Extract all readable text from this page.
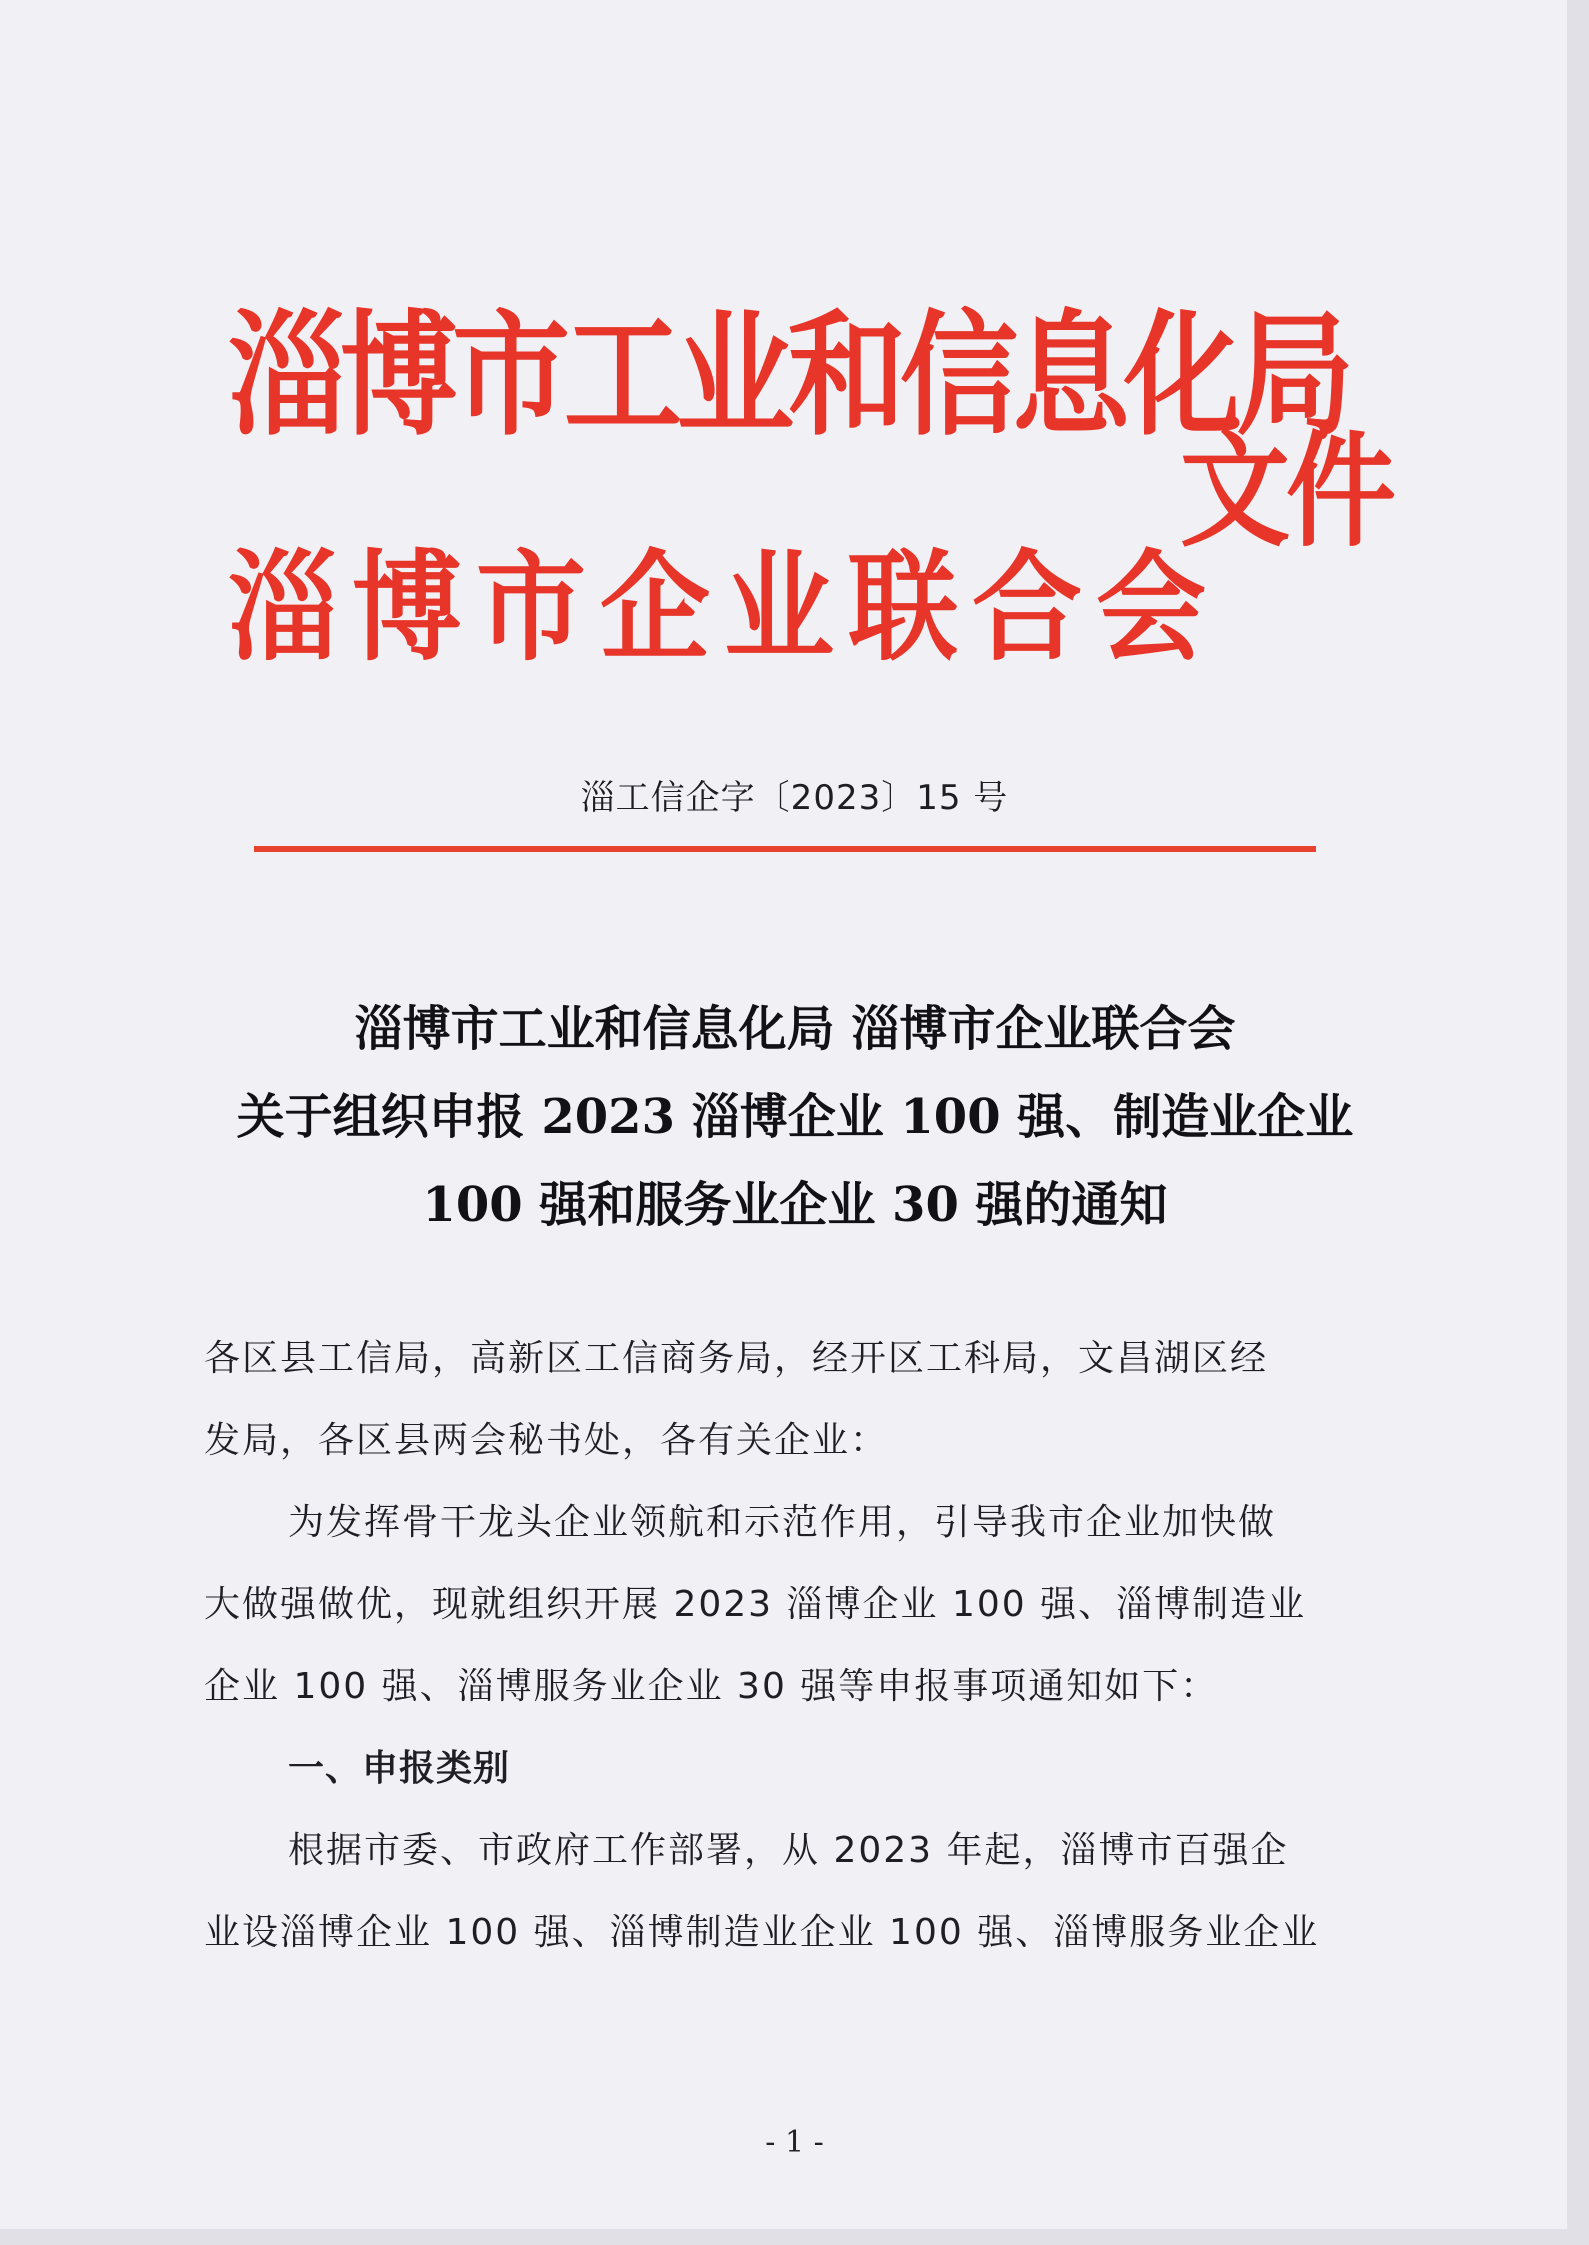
淄博市工业和信息化局
淄博市企业联合会
文件
淄工信企字〔2023〕15 号
淄博市工业和信息化局 淄博市企业联合会
关于组织申报 2023 淄博企业 100 强、制造业企业
100 强和服务业企业 30 强的通知
各区县工信局，高新区工信商务局，经开区工科局，文昌湖区经
发局，各区县两会秘书处，各有关企业：
为发挥骨干龙头企业领航和示范作用，引导我市企业加快做
大做强做优，现就组织开展 2023 淄博企业 100 强、淄博制造业
企业 100 强、淄博服务业企业 30 强等申报事项通知如下：
一、申报类别
根据市委、市政府工作部署，从 2023 年起，淄博市百强企
业设淄博企业 100 强、淄博制造业企业 100 强、淄博服务业企业
- 1 -
